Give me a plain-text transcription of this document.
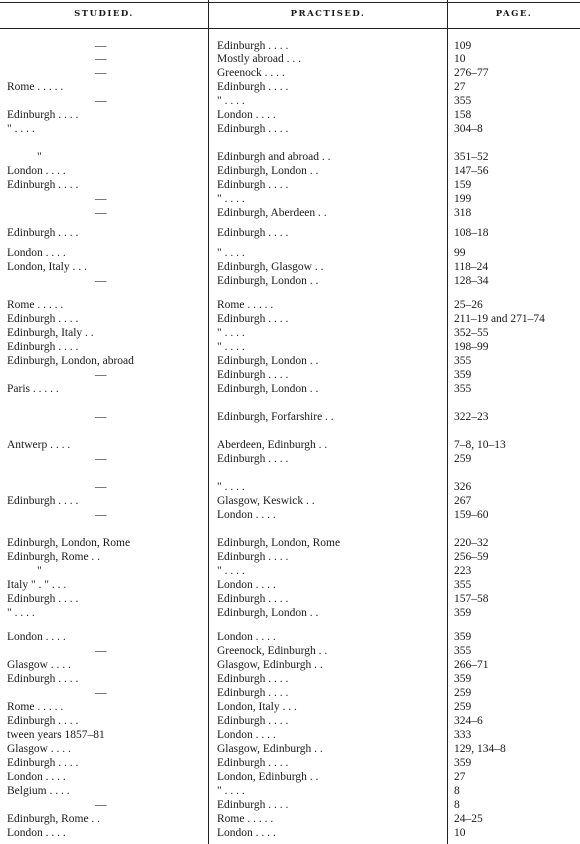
STUDIED.	PRACTISED.	PAGE.
—	Edinburgh . . . .	109
—	Mostly abroad . . .	10
—	Greenock . . . .	276–77
Rome . . . . .	Edinburgh . . . .	27
—	" . . . .	355
Edinburgh . . . .	London . . . .	158
" . . . .	Edinburgh . . . .	304–8
"	Edinburgh and abroad . .	351–52
London . . . .	Edinburgh, London . .	147–56
Edinburgh . . . .	Edinburgh . . . .	159
—	" . . . .	199
—	Edinburgh, Aberdeen . .	318
Edinburgh . . . .	Edinburgh . . . .	108–18
London . . . .	" . . . .	99
London, Italy . . .	Edinburgh, Glasgow . .	118–24
—	Edinburgh, London . .	128–34
Rome . . . . .	Rome . . . . .	25–26
Edinburgh . . . .	Edinburgh . . . .	211–19 and 271–74
Edinburgh, Italy . .	" . . . .	352–55
Edinburgh . . . .	" . . . .	198–99
Edinburgh, London, abroad	Edinburgh, London . .	355
—	Edinburgh . . . .	359
Paris . . . . .	Edinburgh, London . .	355
—	Edinburgh, Forfarshire . .	322–23
Antwerp . . . .	Aberdeen, Edinburgh . .	7–8, 10–13
—	Edinburgh . . . .	259
—	" . . . .	326
Edinburgh . . . .	Glasgow, Keswick . .	267
—	London . . . .	159–60
Edinburgh, London, Rome	Edinburgh, London, Rome	220–32
Edinburgh, Rome . .	Edinburgh . . . .	256–59
"	" . . . .	223
Italy " . " . . .	London . . . .	355
Edinburgh . . . .	Edinburgh . . . .	157–58
" . . . .	Edinburgh, London . .	359
London . . . .	London . . . .	359
—	Greenock, Edinburgh . .	355
Glasgow . . . .	Glasgow, Edinburgh . .	266–71
Edinburgh . . . .	Edinburgh . . . .	359
—	Edinburgh . . . .	259
Rome . . . . .	London, Italy . . .	259
Edinburgh . . . .	Edinburgh . . . .	324–6
tween years 1857–81	London . . . .	333
Glasgow . . . .	Glasgow, Edinburgh . .	129, 134–8
Edinburgh . . . .	Edinburgh . . . .	359
London . . . .	London, Edinburgh . .	27
Belgium . . . .	" . . . .	8
—	Edinburgh . . . .	8
Edinburgh, Rome . .	Rome . . . . .	24–25
London . . . .	London . . . .	10
